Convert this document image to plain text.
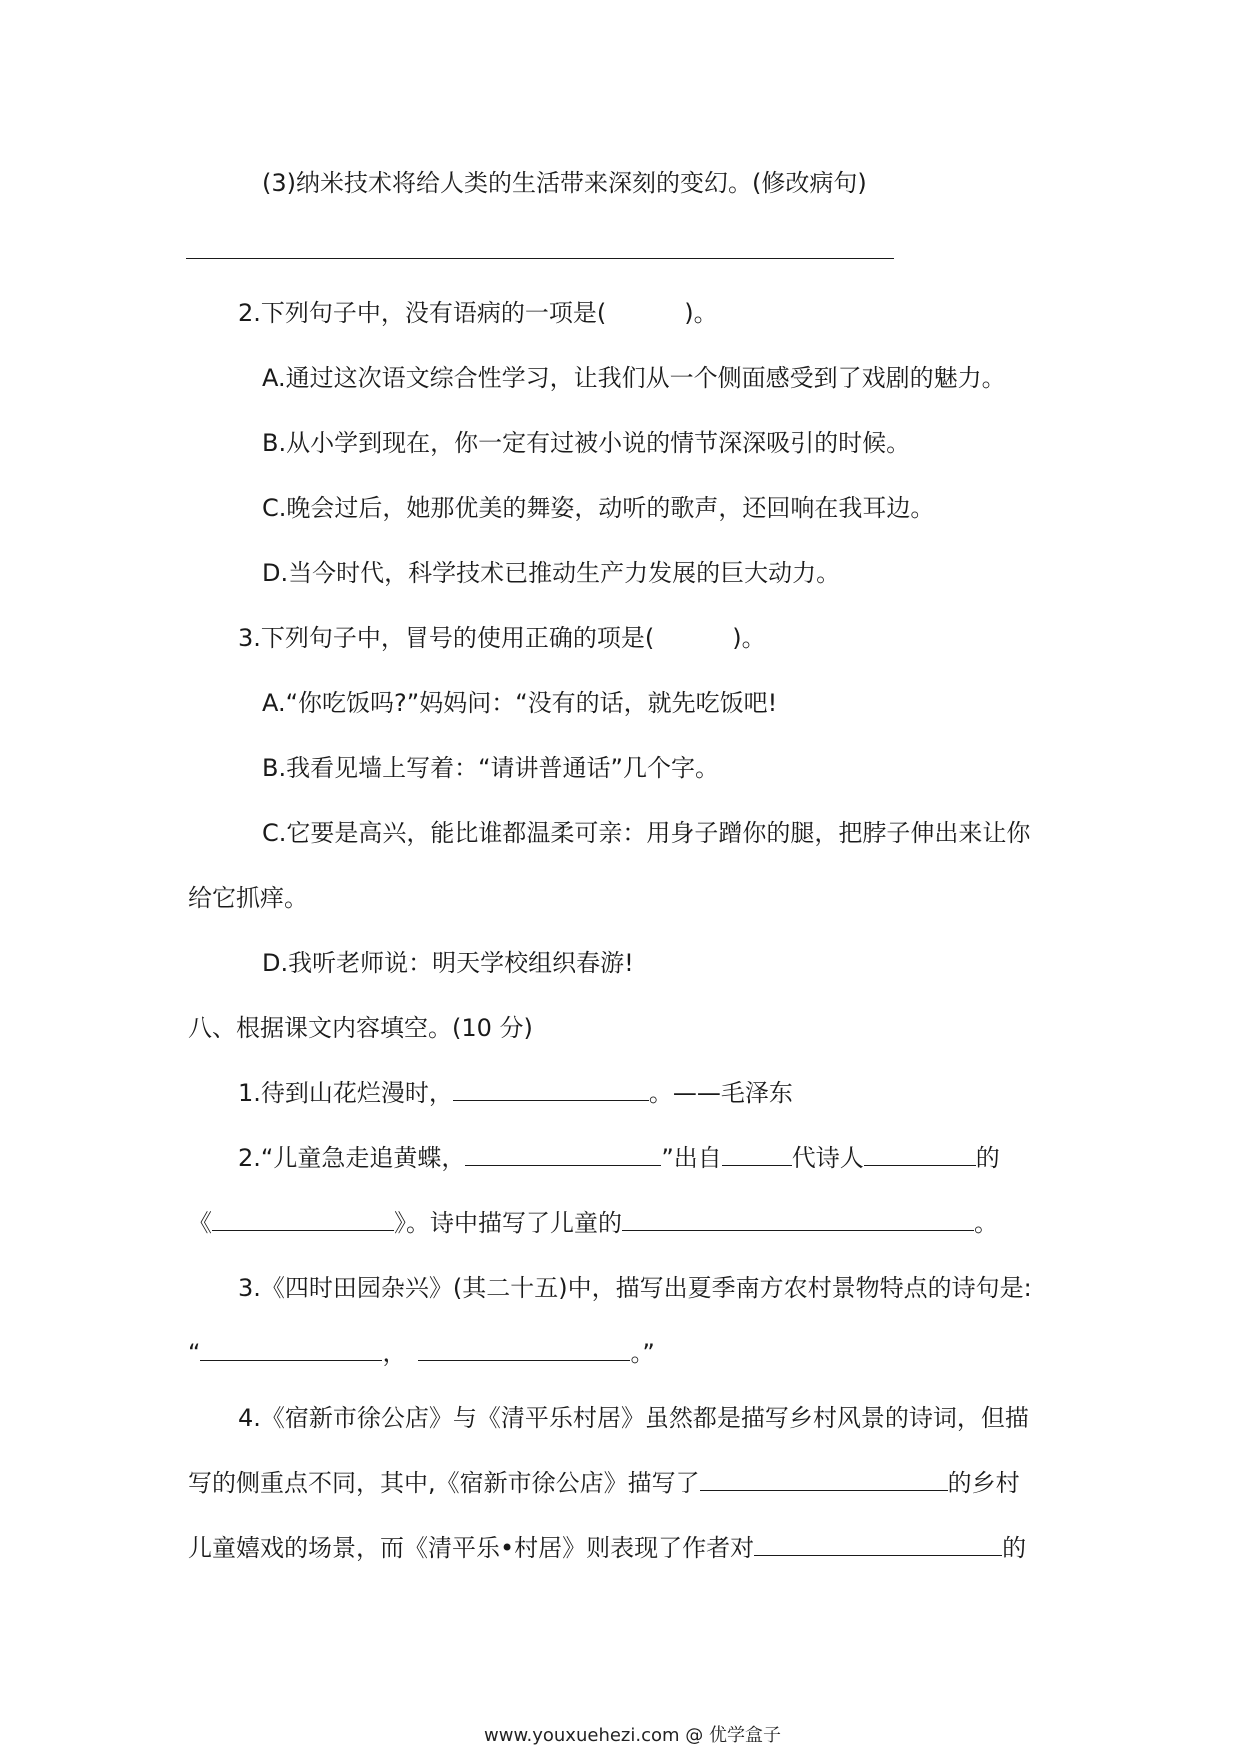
(3)纳米技术将给人类的生活带来深刻的变幻。(修改病句)
2.下列句子中，没有语病的一项是(	)。
A.通过这次语文综合性学习，让我们从一个侧面感受到了戏剧的魅力。
B.从小学到现在，你一定有过被小说的情节深深吸引的时候。
C.晚会过后，她那优美的舞姿，动听的歌声，还回响在我耳边。
D.当今时代，科学技术已推动生产力发展的巨大动力。
3.下列句子中，冒号的使用正确的项是(	)。
A.“你吃饭吗?”妈妈问：“没有的话，就先吃饭吧!
B.我看见墙上写着：“请讲普通话”几个字。
C.它要是高兴，能比谁都温柔可亲：用身子蹭你的腿，把脖子伸出来让你
给它抓痒。
D.我听老师说：明天学校组织春游!
八、根据课文内容填空。(10 分)
1.待到山花烂漫时，	。——毛泽东
2.“儿童急走追黄蝶，	”出自	代诗人	的
《	》。诗中描写了儿童的	。
3.《四时田园杂兴》(其二十五)中，描写出夏季南方农村景物特点的诗句是:
“	，	。”
4.《宿新市徐公店》与《清平乐村居》虽然都是描写乡村风景的诗词，但描
写的侧重点不同，其中,《宿新市徐公店》描写了	的乡村
儿童嬉戏的场景，而《清平乐•村居》则表现了作者对	的
www.youxuehezi.com @ 优学盒子
